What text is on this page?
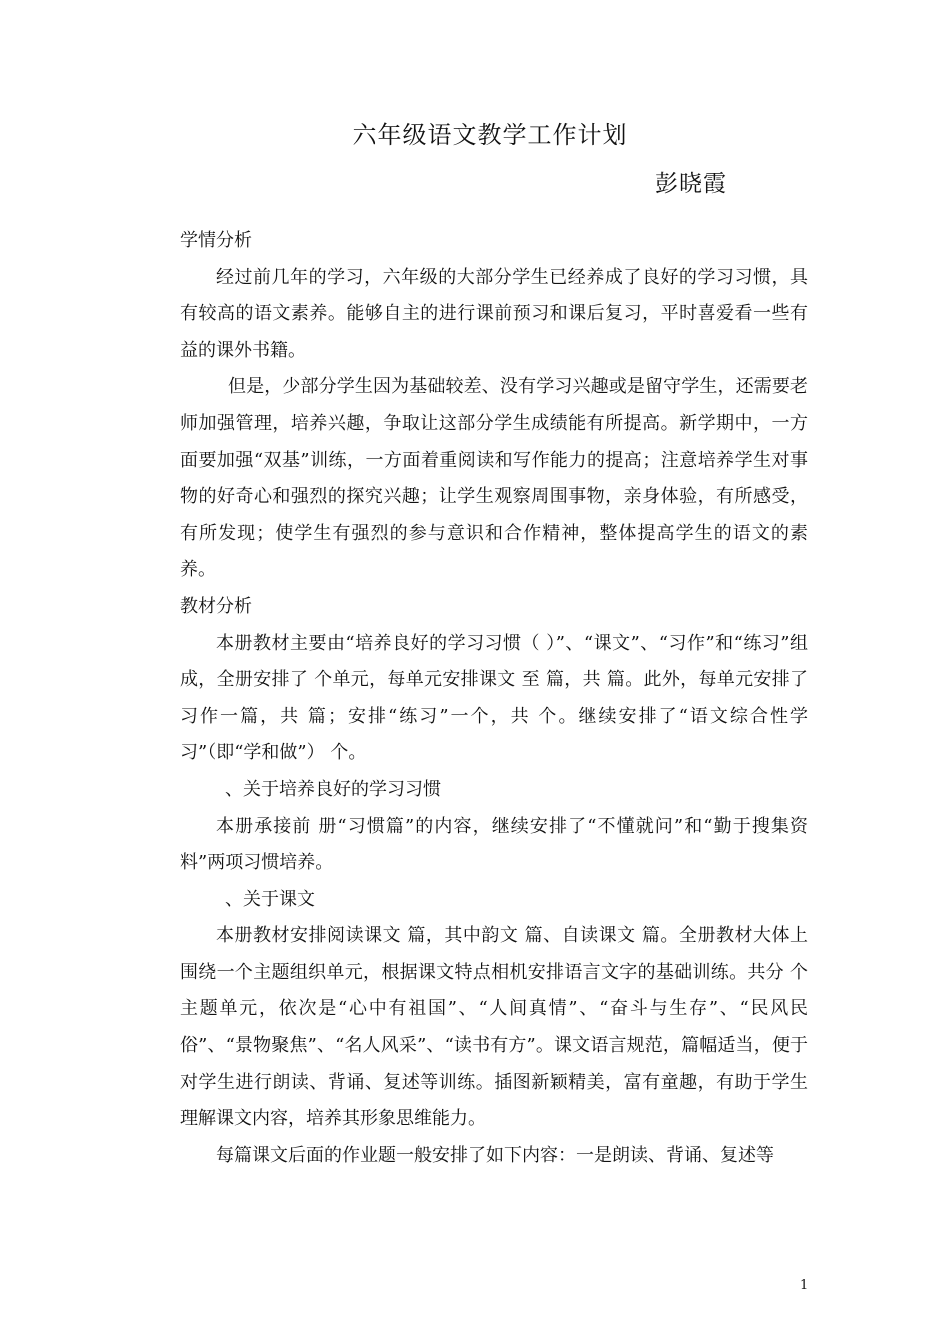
六年级语文教学工作计划
彭晓霞

学情分析

经过前几年的学习，六年级的大部分学生已经养成了良好的学习习惯，具有较高的语文素养。能够自主的进行课前预习和课后复习，平时喜爱看一些有益的课外书籍。

但是，少部分学生因为基础较差、没有学习兴趣或是留守学生，还需要老师加强管理，培养兴趣，争取让这部分学生成绩能有所提高。新学期中，一方面要加强“双基”训练，一方面着重阅读和写作能力的提高；注意培养学生对事物的好奇心和强烈的探究兴趣；让学生观察周围事物，亲身体验，有所感受，有所发现；使学生有强烈的参与意识和合作精神，整体提高学生的语文的素养。

教材分析

本册教材主要由“培养良好的学习习惯（ ）”、“课文”、“习作”和“练习”组成，全册安排了 个单元，每单元安排课文 至 篇，共 篇。此外，每单元安排了习作一篇，共 篇；安排“练习”一个，共 个。继续安排了“语文综合性学习”（即“学和做”） 个。

、关于培养良好的学习习惯

本册承接前 册“习惯篇”的内容，继续安排了“不懂就问”和“勤于搜集资料”两项习惯培养。

、关于课文

本册教材安排阅读课文 篇，其中韵文 篇、自读课文 篇。全册教材大体上围绕一个主题组织单元，根据课文特点相机安排语言文字的基础训练。共分 个主题单元，依次是“心中有祖国”、“人间真情”、“奋斗与生存”、“民风民俗”、“景物聚焦”、“名人风采”、“读书有方”。课文语言规范，篇幅适当，便于对学生进行朗读、背诵、复述等训练。插图新颖精美，富有童趣，有助于学生理解课文内容，培养其形象思维能力。

每篇课文后面的作业题一般安排了如下内容：一是朗读、背诵、复述等

1
